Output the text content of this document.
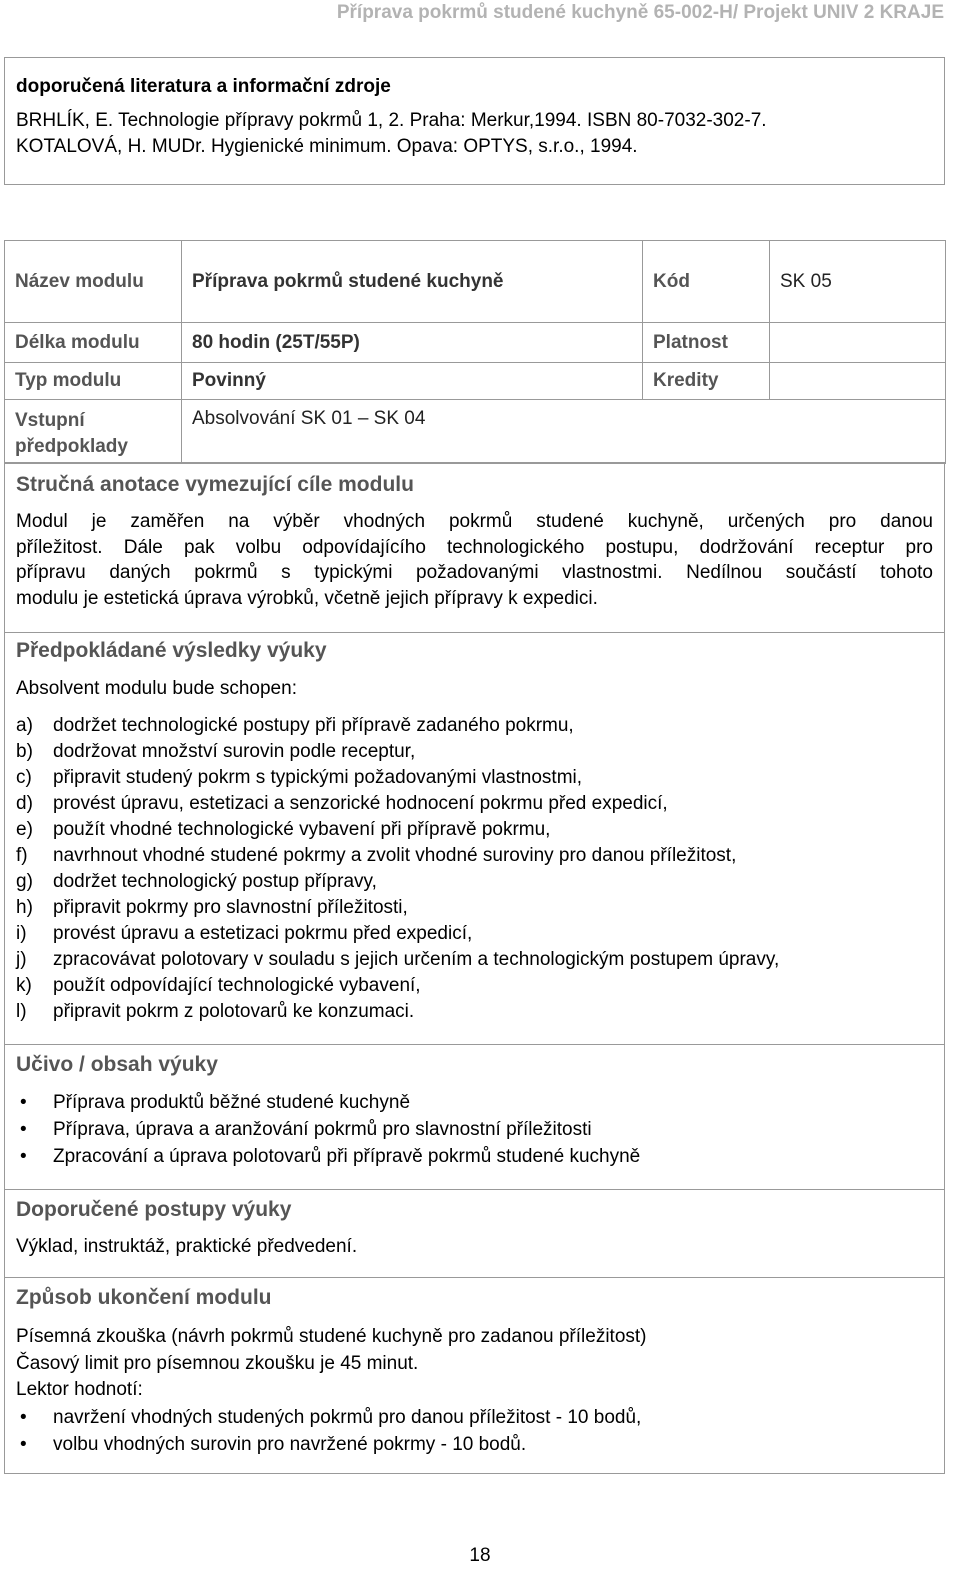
Příprava pokrmů studené kuchyně 65-002-H/ Projekt UNIV 2 KRAJE
doporučená literatura a informační zdroje
BRHLÍK, E. Technologie přípravy pokrmů 1, 2. Praha: Merkur,1994. ISBN 80-7032-302-7.
KOTALOVÁ, H. MUDr. Hygienické minimum. Opava: OPTYS, s.r.o., 1994.
Název modulu	Příprava pokrmů studené kuchyně	Kód	SK 05
Délka modulu	80 hodin (25T/55P)	Platnost	
Typ modulu	Povinný	Kredity	

Vstupní
předpoklady	Absolvování SK 01 – SK 04		
Stručná anotace vymezující cíle modulu
Modul je zaměřen na výběr vhodných pokrmů studené kuchyně, určených pro danou
příležitost. Dále pak volbu odpovídajícího technologického postupu, dodržování receptur pro
přípravu daných pokrmů s typickými požadovanými vlastnostmi. Nedílnou součástí tohoto
modulu je estetická úprava výrobků, včetně jejich přípravy k expedici.
Předpokládané výsledky výuky
Absolvent modulu bude schopen:
a)	dodržet technologické postupy při přípravě zadaného pokrmu,
b)	dodržovat množství surovin podle receptur,
c)	připravit studený pokrm s typickými požadovanými vlastnostmi,
d)	provést úpravu, estetizaci a senzorické hodnocení pokrmu před expedicí,
e)	použít vhodné technologické vybavení při přípravě pokrmu,
f)	navrhnout vhodné studené pokrmy a zvolit vhodné suroviny pro danou příležitost,
g)	dodržet technologický postup přípravy,
h)	připravit pokrmy pro slavnostní příležitosti,
i)	provést úpravu a estetizaci pokrmu před expedicí,
j)	zpracovávat polotovary v souladu s jejich určením a technologickým postupem úpravy,
k)	použít odpovídající technologické vybavení,
l)	připravit pokrm z polotovarů ke konzumaci.
Učivo / obsah výuky
•	Příprava produktů běžné studené kuchyně
•	Příprava, úprava a aranžování pokrmů pro slavnostní příležitosti
•	Zpracování a úprava polotovarů při přípravě pokrmů studené kuchyně
Doporučené postupy výuky
Výklad, instruktáž, praktické předvedení.
Způsob ukončení modulu
Písemná zkouška (návrh pokrmů studené kuchyně pro zadanou příležitost)
Časový limit pro písemnou zkoušku je 45 minut.
Lektor hodnotí:
•	navržení vhodných studených pokrmů pro danou příležitost - 10 bodů,
•	volbu vhodných surovin pro navržené pokrmy - 10 bodů.
18
